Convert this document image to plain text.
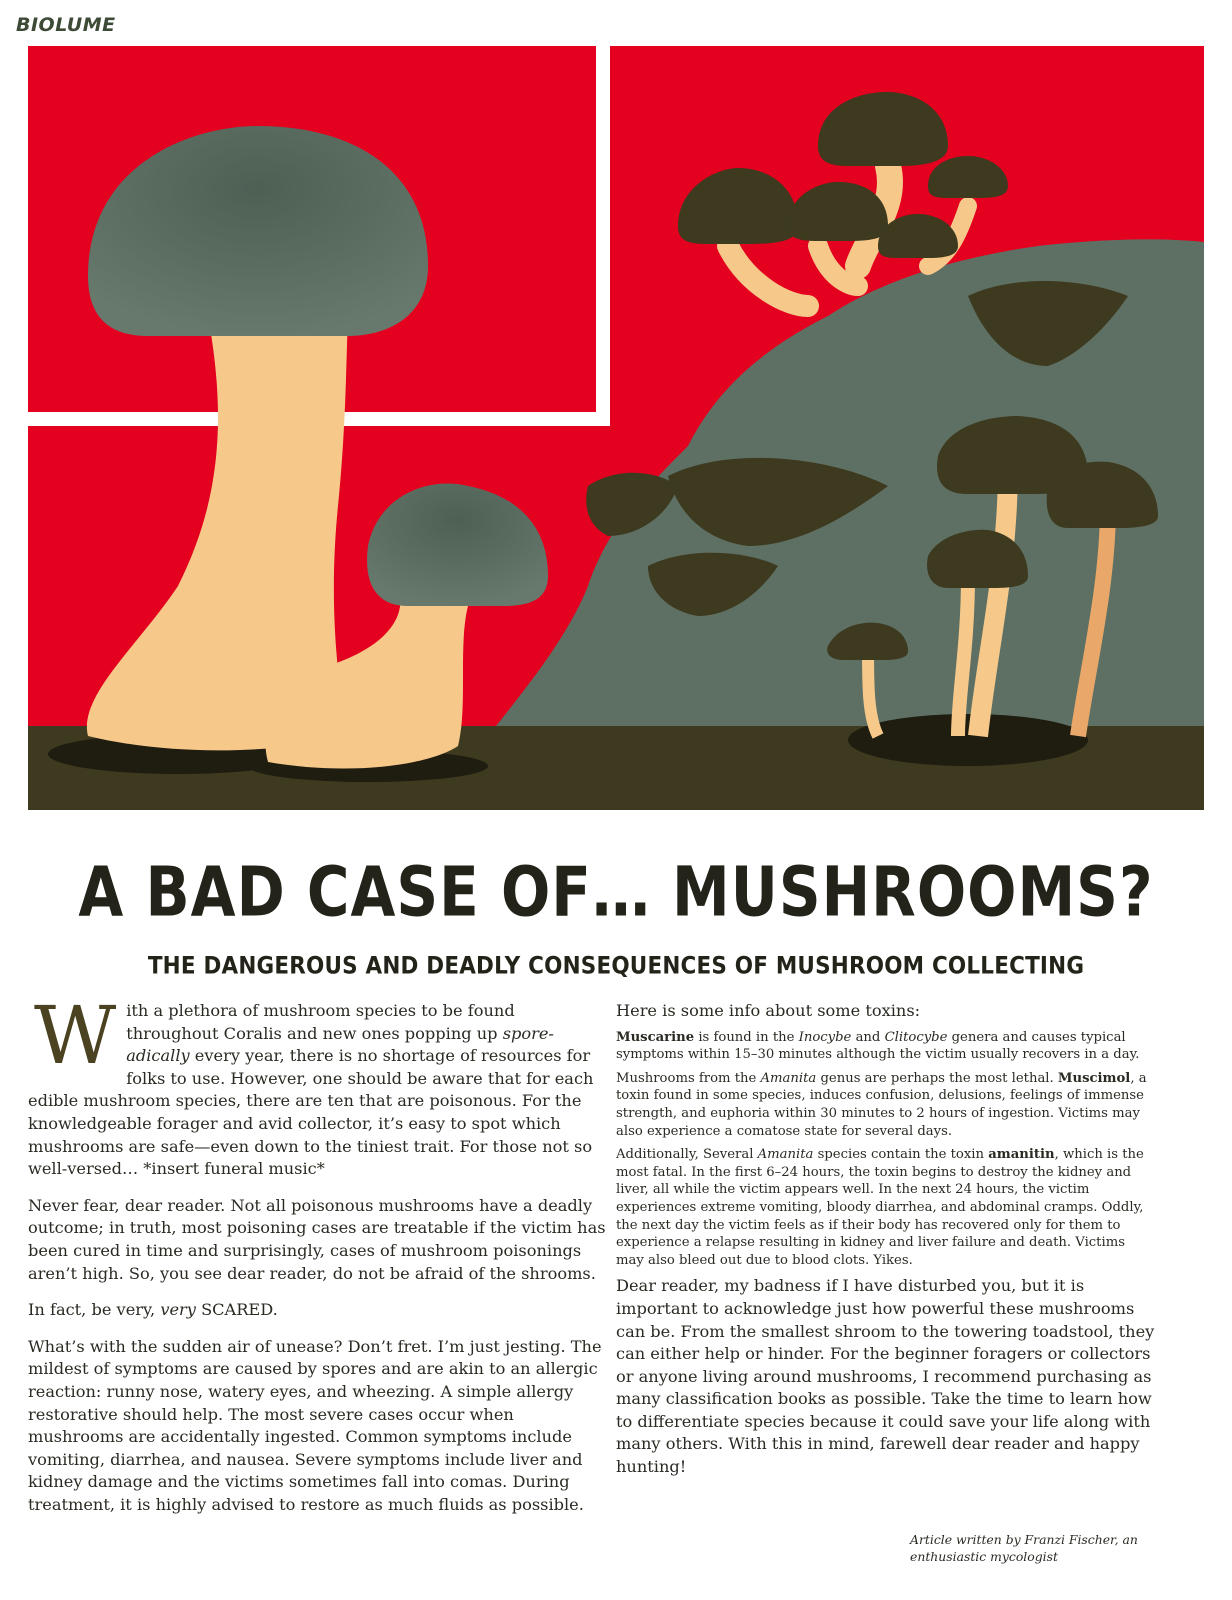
BIOLUME
A BAD CASE OF… MUSHROOMS?
THE DANGEROUS AND DEADLY CONSEQUENCES OF MUSHROOM COLLECTING

With a plethora of mushroom species to be found throughout Coralis and new ones popping up spore-adically every year, there is no shortage of resources for folks to use. However, one should be aware that for each edible mushroom species, there are ten that are poisonous. For the knowledgeable forager and avid collector, it’s easy to spot which mushrooms are safe—even down to the tiniest trait. For those not so well-versed… *insert funeral music*

Never fear, dear reader. Not all poisonous mushrooms have a deadly outcome; in truth, most poisoning cases are treatable if the victim has been cured in time and surprisingly, cases of mushroom poisonings aren’t high. So, you see dear reader, do not be afraid of the shrooms.

In fact, be very, very SCARED.

What’s with the sudden air of unease? Don’t fret. I’m just jesting. The mildest of symptoms are caused by spores and are akin to an allergic reaction: runny nose, watery eyes, and wheezing. A simple allergy restorative should help. The most severe cases occur when mushrooms are accidentally ingested. Common symptoms include vomiting, diarrhea, and nausea. Severe symptoms include liver and kidney damage and the victims sometimes fall into comas. During treatment, it is highly advised to restore as much fluids as possible.

Here is some info about some toxins:

Muscarine is found in the Inocybe and Clitocybe genera and causes typical symptoms within 15–30 minutes although the victim usually recovers in a day.

Mushrooms from the Amanita genus are perhaps the most lethal. Muscimol, a toxin found in some species, induces confusion, delusions, feelings of immense strength, and euphoria within 30 minutes to 2 hours of ingestion. Victims may also experience a comatose state for several days.

Additionally, Several Amanita species contain the toxin amanitin, which is the most fatal. In the first 6–24 hours, the toxin begins to destroy the kidney and liver, all while the victim appears well. In the next 24 hours, the victim experiences extreme vomiting, bloody diarrhea, and abdominal cramps. Oddly, the next day the victim feels as if their body has recovered only for them to experience a relapse resulting in kidney and liver failure and death. Victims may also bleed out due to blood clots. Yikes.

Dear reader, my badness if I have disturbed you, but it is important to acknowledge just how powerful these mushrooms can be. From the smallest shroom to the towering toadstool, they can either help or hinder. For the beginner foragers or collectors or anyone living around mushrooms, I recommend purchasing as many classification books as possible. Take the time to learn how to differentiate species because it could save your life along with many others. With this in mind, farewell dear reader and happy hunting!

Article written by Franzi Fischer, an enthusiastic mycologist
